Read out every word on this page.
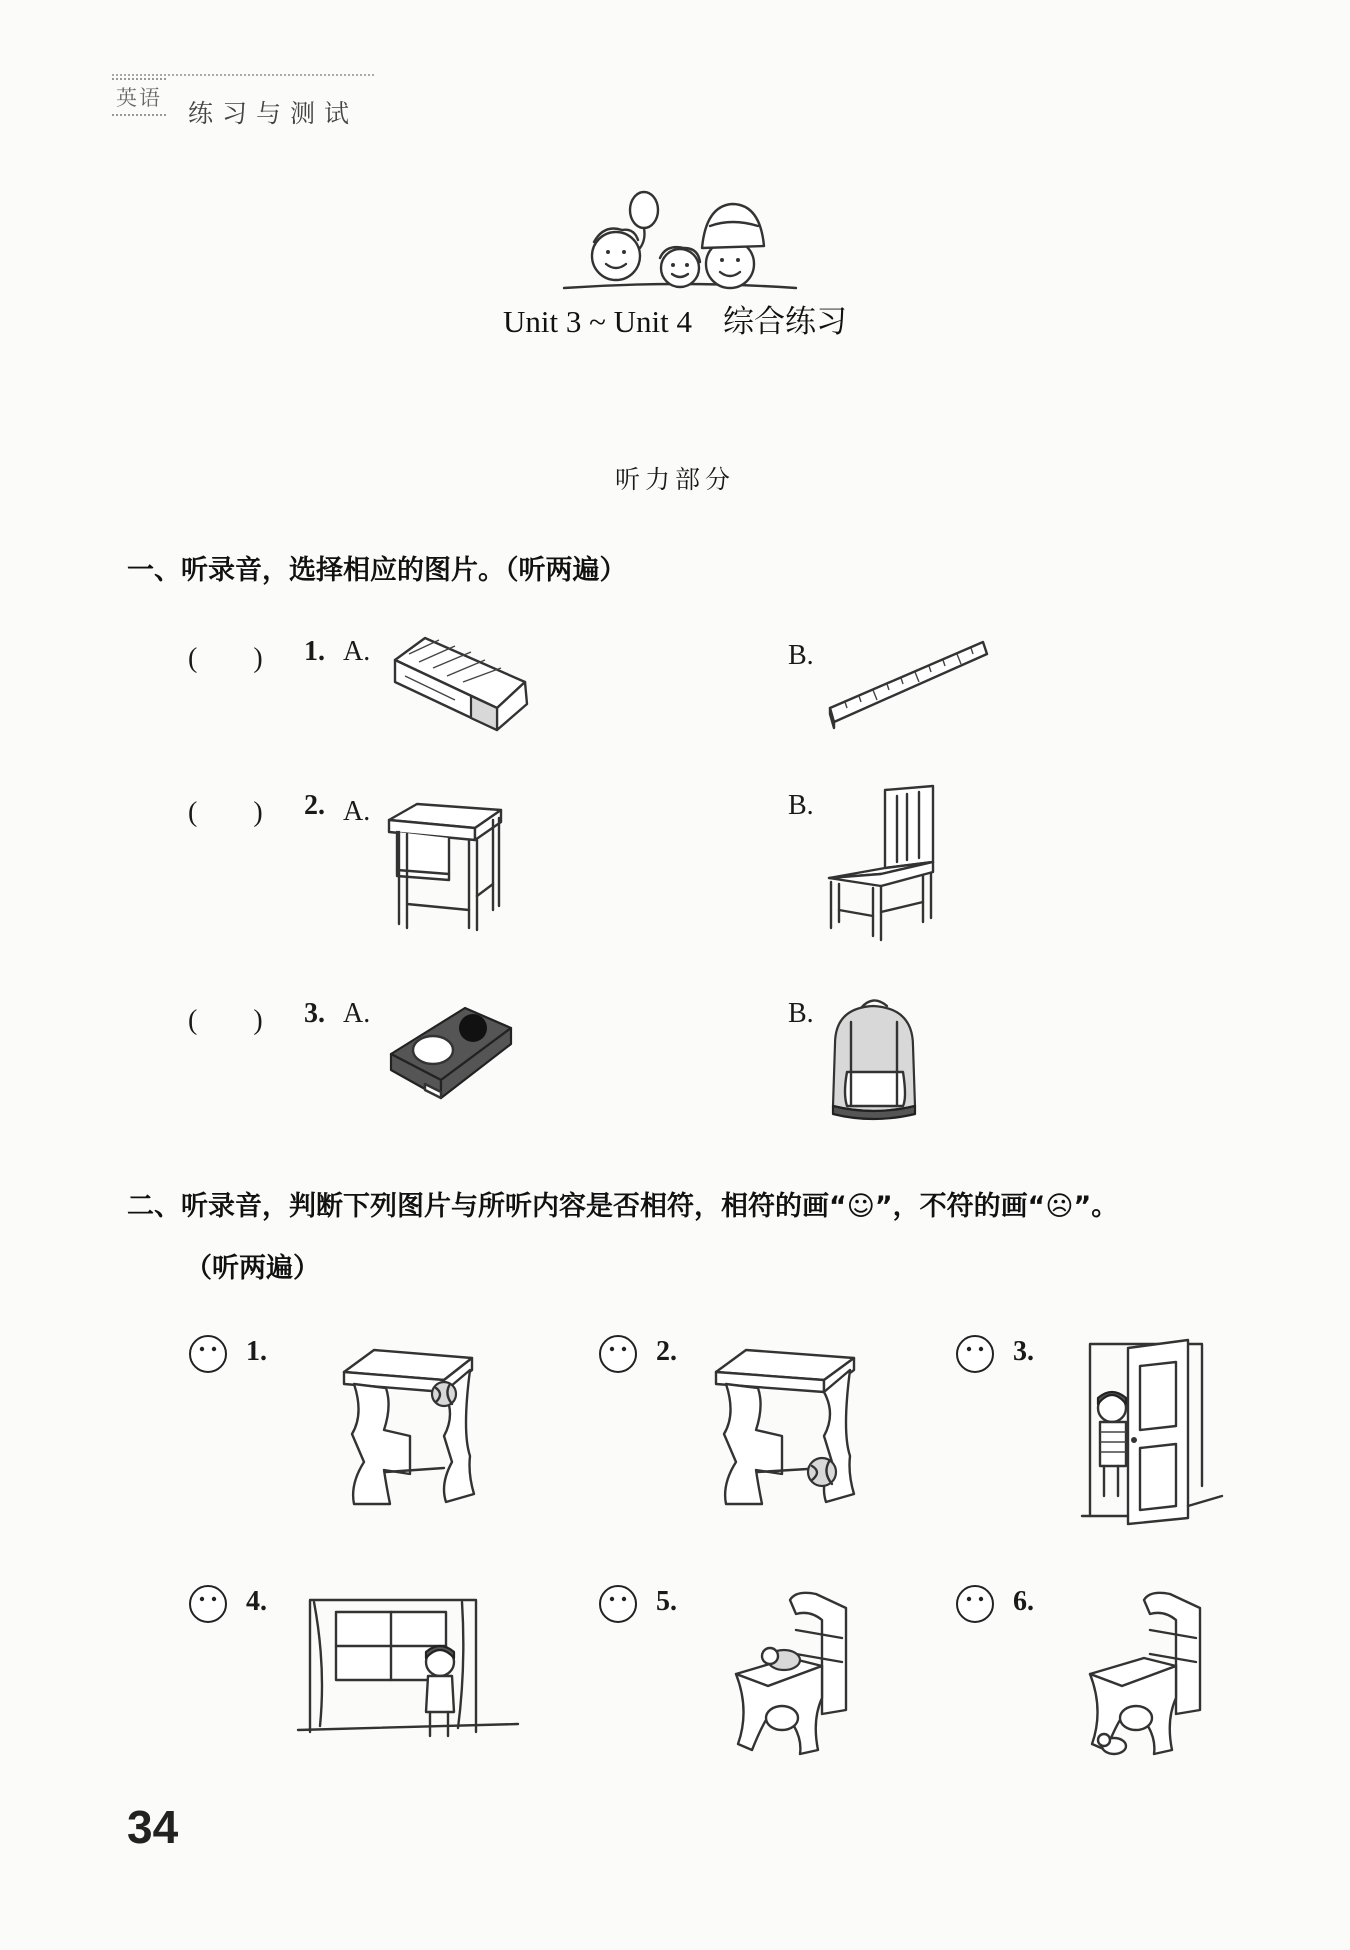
英语
练习与测试
Unit 3 ~ Unit 4　综合练习
听力部分
一、听录音，选择相应的图片。（听两遍）
(　　) 1. A.	B.
(　　) 2. A.	B.
(　　) 3. A.	B.
二、听录音，判断下列图片与所听内容是否相符，相符的画“☺”，不符的画“☹”。
（听两遍）
1.	2.	3.
4.	5.	6.
34
